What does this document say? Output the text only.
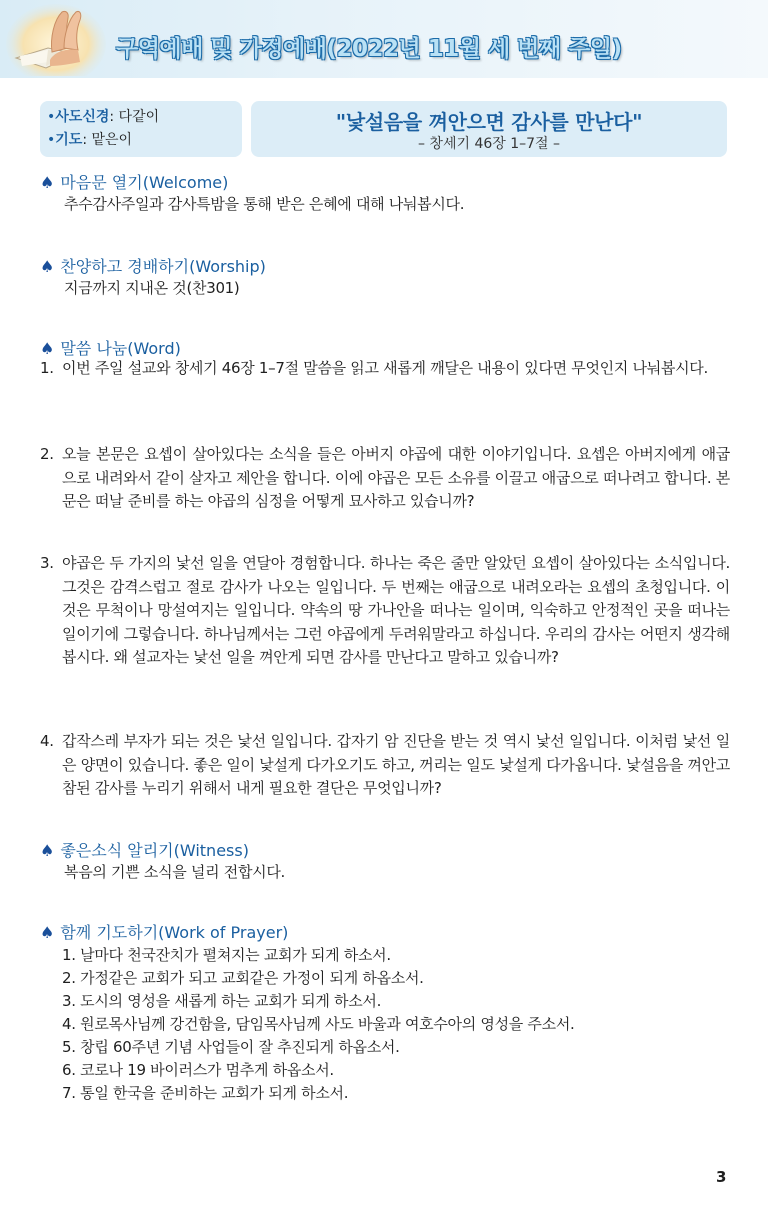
구역예배 및 가정예배(2022년 11월 세 번째 주일)
•사도신경: 다같이
•기도: 맡은이
"낯설음을 껴안으면 감사를 만난다"
– 창세기 46장 1–7절 –
♠ 마음문 열기(Welcome)
추수감사주일과 감사특밤을 통해 받은 은혜에 대해 나눠봅시다.
♠ 찬양하고 경배하기(Worship)
지금까지 지내온 것(찬301)
♠ 말씀 나눔(Word)
1. 이번 주일 설교와 창세기 46장 1–7절 말씀을 읽고 새롭게 깨달은 내용이 있다면 무엇인지 나눠봅시다.
2. 오늘 본문은 요셉이 살아있다는 소식을 들은 아버지 야곱에 대한 이야기입니다. 요셉은 아버지에게 애굽으로 내려와서 같이 살자고 제안을 합니다. 이에 야곱은 모든 소유를 이끌고 애굽으로 떠나려고 합니다. 본문은 떠날 준비를 하는 야곱의 심정을 어떻게 묘사하고 있습니까?
3. 야곱은 두 가지의 낯선 일을 연달아 경험합니다. 하나는 죽은 줄만 알았던 요셉이 살아있다는 소식입니다. 그것은 감격스럽고 절로 감사가 나오는 일입니다. 두 번째는 애굽으로 내려오라는 요셉의 초청입니다. 이것은 무척이나 망설여지는 일입니다. 약속의 땅 가나안을 떠나는 일이며, 익숙하고 안정적인 곳을 떠나는 일이기에 그렇습니다. 하나님께서는 그런 야곱에게 두려워말라고 하십니다. 우리의 감사는 어떤지 생각해봅시다. 왜 설교자는 낯선 일을 껴안게 되면 감사를 만난다고 말하고 있습니까?
4. 갑작스레 부자가 되는 것은 낯선 일입니다. 갑자기 암 진단을 받는 것 역시 낯선 일입니다. 이처럼 낯선 일은 양면이 있습니다. 좋은 일이 낯설게 다가오기도 하고, 꺼리는 일도 낯설게 다가옵니다. 낯설음을 껴안고 참된 감사를 누리기 위해서 내게 필요한 결단은 무엇입니까?
♠ 좋은소식 알리기(Witness)
복음의 기쁜 소식을 널리 전합시다.
♠ 함께 기도하기(Work of Prayer)
1. 날마다 천국잔치가 펼쳐지는 교회가 되게 하소서.
2. 가정같은 교회가 되고 교회같은 가정이 되게 하옵소서.
3. 도시의 영성을 새롭게 하는 교회가 되게 하소서.
4. 원로목사님께 강건함을, 담임목사님께 사도 바울과 여호수아의 영성을 주소서.
5. 창립 60주년 기념 사업들이 잘 추진되게 하옵소서.
6. 코로나 19 바이러스가 멈추게 하옵소서.
7. 통일 한국을 준비하는 교회가 되게 하소서.
3
